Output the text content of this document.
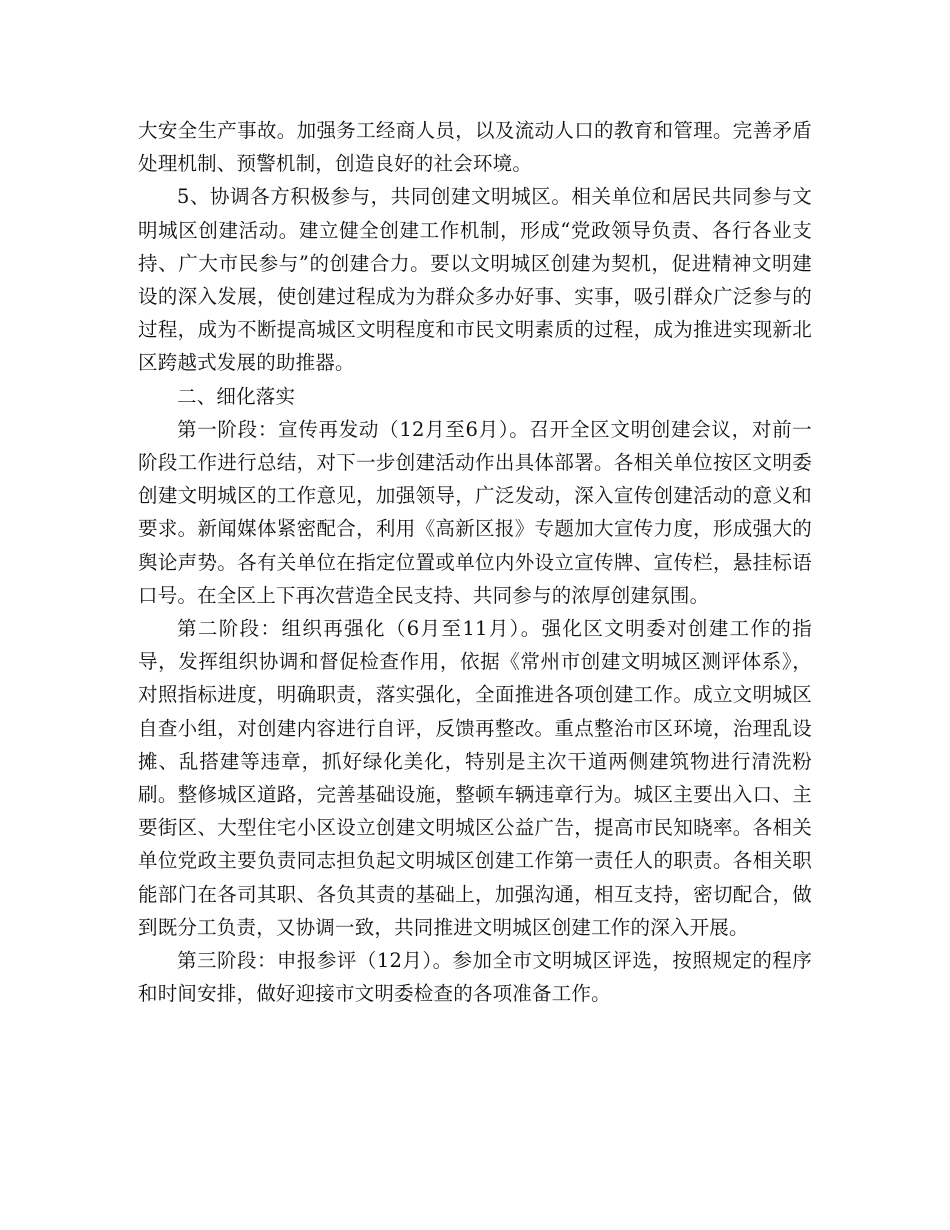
大安全生产事故。加强务工经商人员，以及流动人口的教育和管理。完善矛盾处理机制、预警机制，创造良好的社会环境。

5、协调各方积极参与，共同创建文明城区。相关单位和居民共同参与文明城区创建活动。建立健全创建工作机制，形成“党政领导负责、各行各业支持、广大市民参与”的创建合力。要以文明城区创建为契机，促进精神文明建设的深入发展，使创建过程成为为群众多办好事、实事，吸引群众广泛参与的过程，成为不断提高城区文明程度和市民文明素质的过程，成为推进实现新北区跨越式发展的助推器。

二、细化落实

第一阶段：宣传再发动（12月至6月）。召开全区文明创建会议，对前一阶段工作进行总结，对下一步创建活动作出具体部署。各相关单位按区文明委创建文明城区的工作意见，加强领导，广泛发动，深入宣传创建活动的意义和要求。新闻媒体紧密配合，利用《高新区报》专题加大宣传力度，形成强大的舆论声势。各有关单位在指定位置或单位内外设立宣传牌、宣传栏，悬挂标语口号。在全区上下再次营造全民支持、共同参与的浓厚创建氛围。

第二阶段：组织再强化（6月至11月）。强化区文明委对创建工作的指导，发挥组织协调和督促检查作用，依据《常州市创建文明城区测评体系》，对照指标进度，明确职责，落实强化，全面推进各项创建工作。成立文明城区自查小组，对创建内容进行自评，反馈再整改。重点整治市区环境，治理乱设摊、乱搭建等违章，抓好绿化美化，特别是主次干道两侧建筑物进行清洗粉刷。整修城区道路，完善基础设施，整顿车辆违章行为。城区主要出入口、主要街区、大型住宅小区设立创建文明城区公益广告，提高市民知晓率。各相关单位党政主要负责同志担负起文明城区创建工作第一责任人的职责。各相关职能部门在各司其职、各负其责的基础上，加强沟通，相互支持，密切配合，做到既分工负责，又协调一致，共同推进文明城区创建工作的深入开展。

第三阶段：申报参评（12月）。参加全市文明城区评选，按照规定的程序和时间安排，做好迎接市文明委检查的各项准备工作。
